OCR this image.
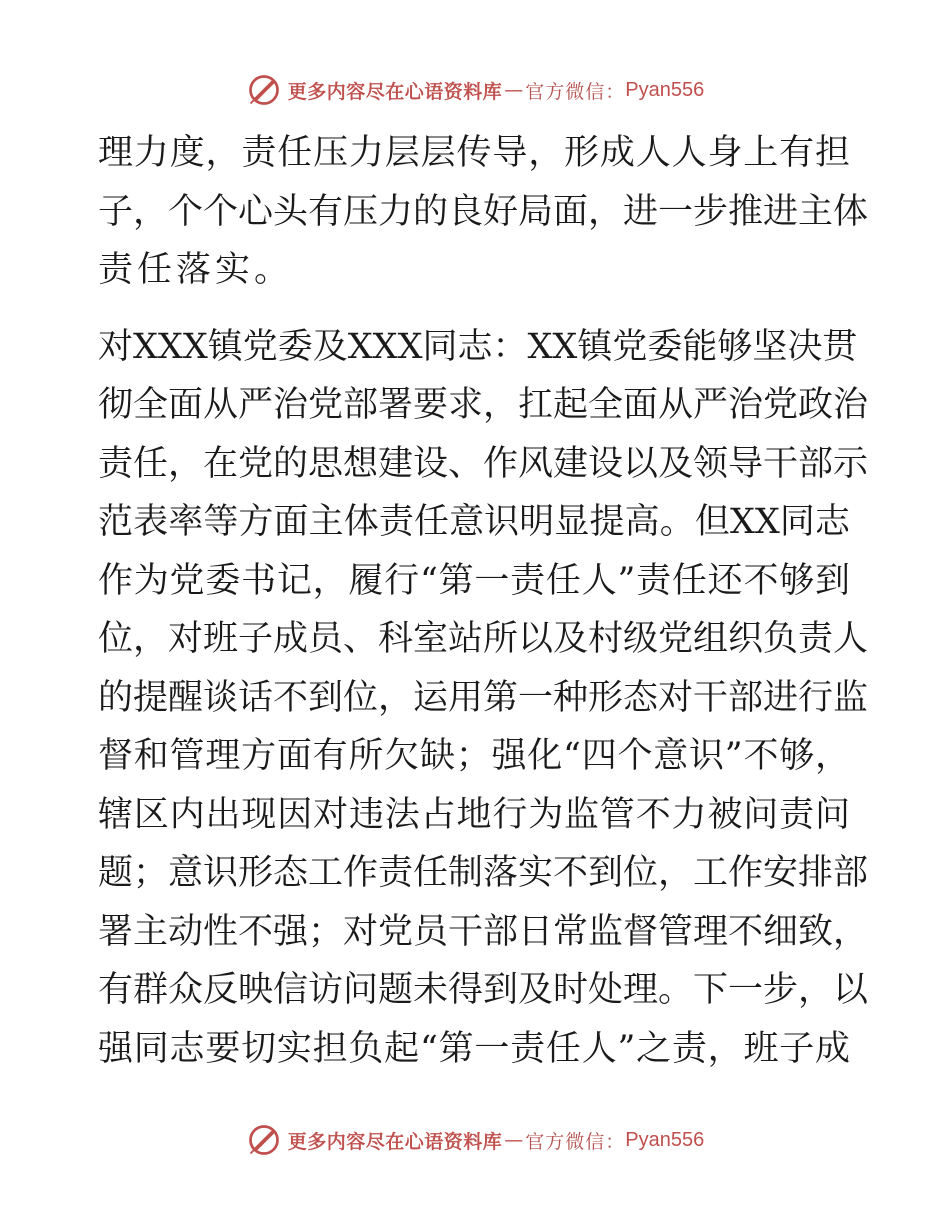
更多内容尽在心语资料库 — 官方微信： Pyan556
理力度，责任压力层层传导，形成人人身上有担
子，个个心头有压力的良好局面，进一步推进主体
责任落实。
对XXX镇党委及XXX同志：XX镇党委能够坚决贯
彻全面从严治党部署要求，扛起全面从严治党政治
责任，在党的思想建设、作风建设以及领导干部示
范表率等方面主体责任意识明显提高。但XX同志
作为党委书记，履行“第一责任人”责任还不够到
位，对班子成员、科室站所以及村级党组织负责人
的提醒谈话不到位，运用第一种形态对干部进行监
督和管理方面有所欠缺；强化“四个意识”不够，
辖区内出现因对违法占地行为监管不力被问责问
题；意识形态工作责任制落实不到位，工作安排部
署主动性不强；对党员干部日常监督管理不细致，
有群众反映信访问题未得到及时处理。下一步，以
强同志要切实担负起“第一责任人”之责，班子成
更多内容尽在心语资料库 — 官方微信： Pyan556
